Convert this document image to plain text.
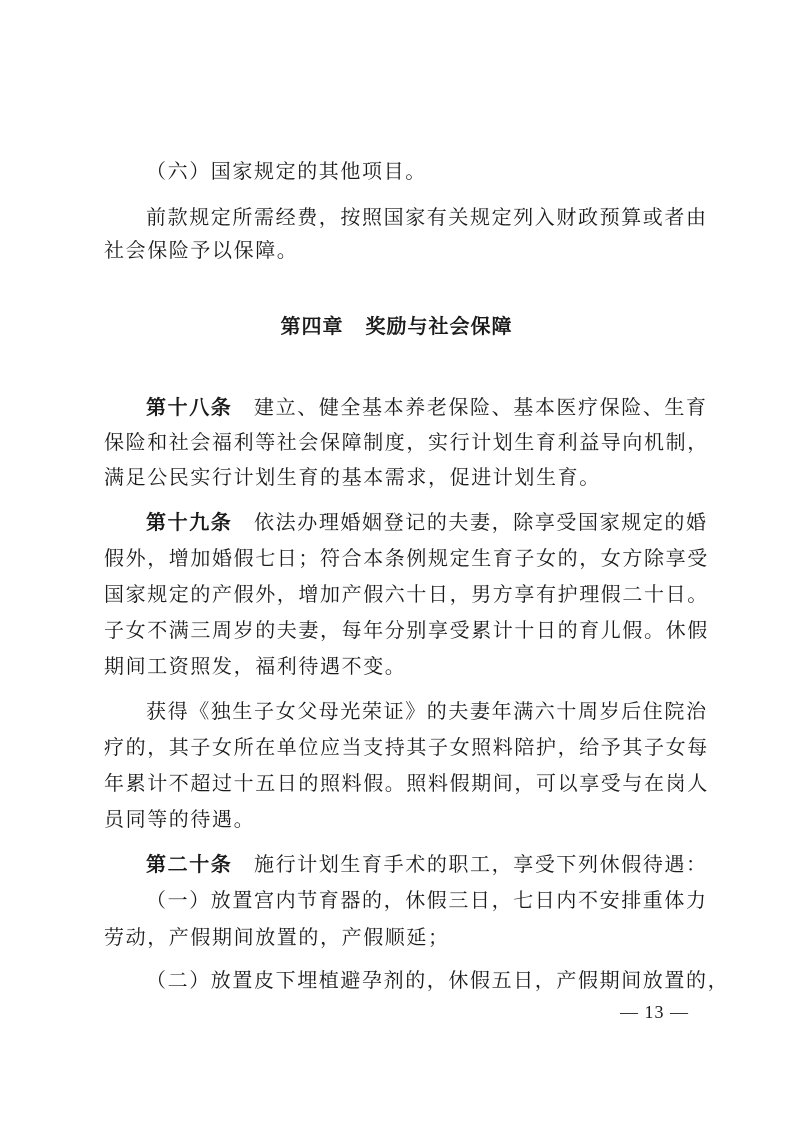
（六）国家规定的其他项目。
前款规定所需经费，按照国家有关规定列入财政预算或者由
社会保险予以保障。
第四章 奖励与社会保障
第十八条　 建立、健全基本养老保险、基本医疗保险、生育
保险和社会福利等社会保障制度，实行计划生育利益导向机制，
满足公民实行计划生育的基本需求，促进计划生育。
第十九条　 依法办理婚姻登记的夫妻，除享受国家规定的婚
假外，增加婚假七日；符合本条例规定生育子女的，女方除享受
国家规定的产假外，增加产假六十日，男方享有护理假二十日。
子女不满三周岁的夫妻，每年分别享受累计十日的育儿假。休假
期间工资照发，福利待遇不变。
获得《独生子女父母光荣证》的夫妻年满六十周岁后住院治
疗的，其子女所在单位应当支持其子女照料陪护，给予其子女每
年累计不超过十五日的照料假。照料假期间，可以享受与在岗人
员同等的待遇。
第二十条　 施行计划生育手术的职工，享受下列休假待遇：
（一）放置宫内节育器的，休假三日，七日内不安排重体力
劳动，产假期间放置的，产假顺延；
（二）放置皮下埋植避孕剂的，休假五日，产假期间放置的，
— 13 —
